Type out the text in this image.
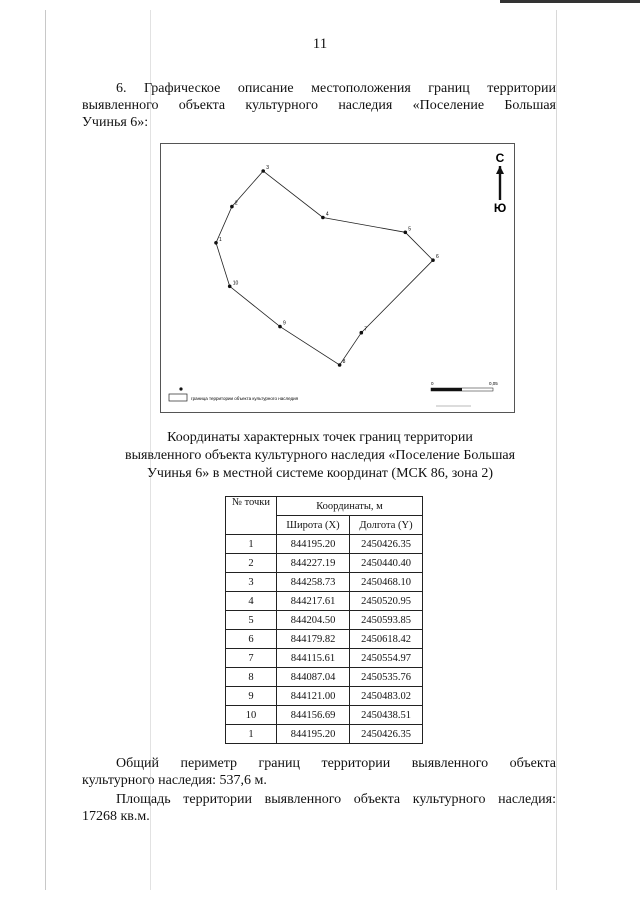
11
6. Графическое описание местоположения границ территории
выявленного объекта культурного наследия «Поселение Большая
Учинья 6»:
1
2
3
4
5
6
7
8
9
10
С
Ю
граница территории объекта культурного наследия
0	0,05
Координаты характерных точек границ территории
выявленного объекта культурного наследия «Поселение Большая
Учинья 6» в местной системе координат (МСК 86, зона 2)
№ точки	Координаты, м	
	Широта (X)	Долгота (Y)
1	844195.20	2450426.35
2	844227.19	2450440.40
3	844258.73	2450468.10
4	844217.61	2450520.95
5	844204.50	2450593.85
6	844179.82	2450618.42
7	844115.61	2450554.97
8	844087.04	2450535.76
9	844121.00	2450483.02
10	844156.69	2450438.51
1	844195.20	2450426.35
Общий периметр границ территории выявленного объекта
культурного наследия: 537,6 м.
Площадь территории выявленного объекта культурного наследия:
17268 кв.м.
